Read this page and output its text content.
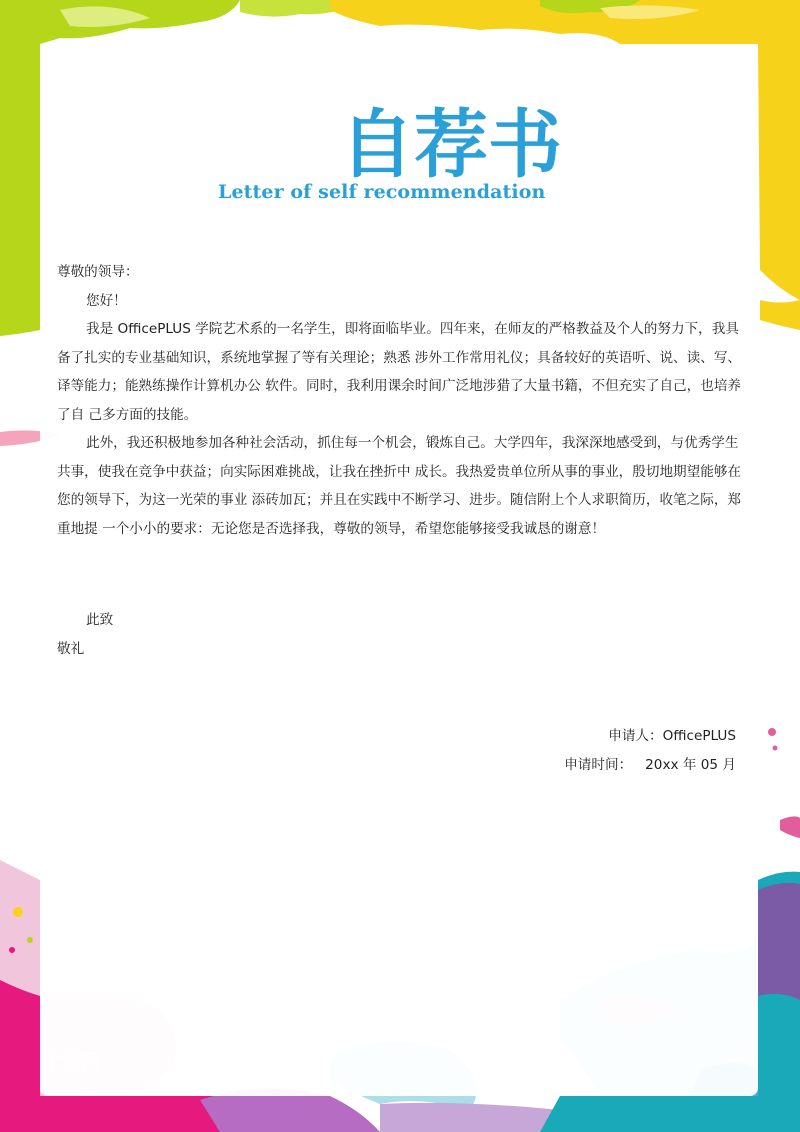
自荐书
Letter of self recommendation

尊敬的领导：

您好！

我是 OfficePLUS 学院艺术系的一名学生，即将面临毕业。四年来，在师友的严格教益及个人的努力下，我具备了扎实的专业基础知识，系统地掌握了等有关理论；熟悉 涉外工作常用礼仪；具备较好的英语听、说、读、写、译等能力；能熟练操作计算机办公 软件。同时，我利用课余时间广泛地涉猎了大量书籍，不但充实了自己，也培养了自 己多方面的技能。

此外，我还积极地参加各种社会活动，抓住每一个机会，锻炼自己。大学四年，我深深地感受到，与优秀学生共事，使我在竞争中获益；向实际困难挑战，让我在挫折中 成长。我热爱贵单位所从事的事业，殷切地期望能够在您的领导下，为这一光荣的事业 添砖加瓦；并且在实践中不断学习、进步。随信附上个人求职简历，收笔之际，郑重地提 一个小小的要求：无论您是否选择我，尊敬的领导，希望您能够接受我诚恳的谢意！

此致
敬礼
申请人：OfficePLUS
申请时间：   20xx 年 05 月
个简历
